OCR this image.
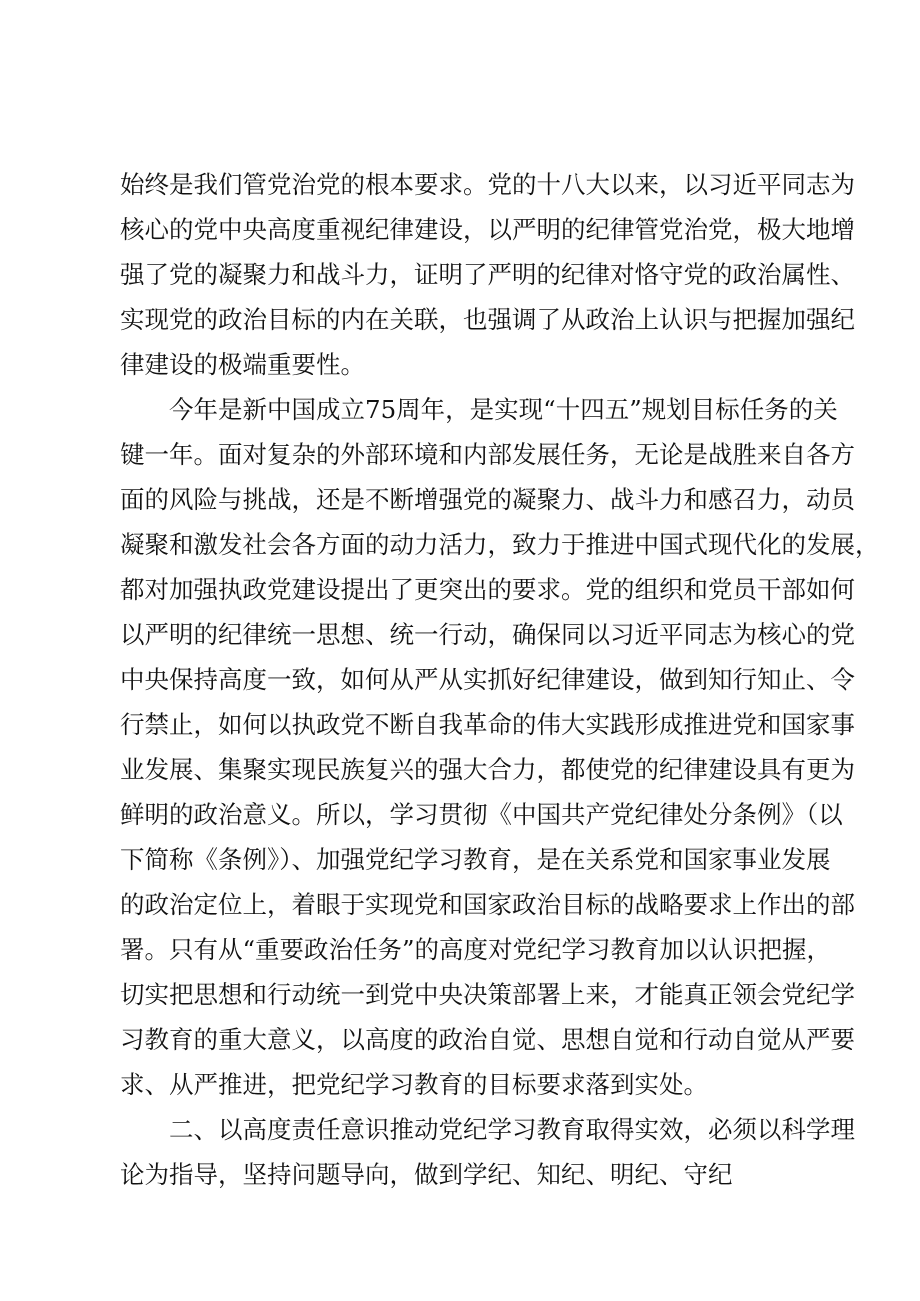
始终是我们管党治党的根本要求。党的十八大以来，以习近平同志为
核心的党中央高度重视纪律建设，以严明的纪律管党治党，极大地增
强了党的凝聚力和战斗力，证明了严明的纪律对恪守党的政治属性、
实现党的政治目标的内在关联，也强调了从政治上认识与把握加强纪
律建设的极端重要性。
　　今年是新中国成立75周年，是实现“十四五”规划目标任务的关
键一年。面对复杂的外部环境和内部发展任务，无论是战胜来自各方
面的风险与挑战，还是不断增强党的凝聚力、战斗力和感召力，动员
凝聚和激发社会各方面的动力活力，致力于推进中国式现代化的发展，
都对加强执政党建设提出了更突出的要求。党的组织和党员干部如何
以严明的纪律统一思想、统一行动，确保同以习近平同志为核心的党
中央保持高度一致，如何从严从实抓好纪律建设，做到知行知止、令
行禁止，如何以执政党不断自我革命的伟大实践形成推进党和国家事
业发展、集聚实现民族复兴的强大合力，都使党的纪律建设具有更为
鲜明的政治意义。所以，学习贯彻《中国共产党纪律处分条例》（以
下简称《条例》）、加强党纪学习教育，是在关系党和国家事业发展
的政治定位上，着眼于实现党和国家政治目标的战略要求上作出的部
署。只有从“重要政治任务”的高度对党纪学习教育加以认识把握，
切实把思想和行动统一到党中央决策部署上来，才能真正领会党纪学
习教育的重大意义，以高度的政治自觉、思想自觉和行动自觉从严要
求、从严推进，把党纪学习教育的目标要求落到实处。
　　二、以高度责任意识推动党纪学习教育取得实效，必须以科学理
论为指导，坚持问题导向，做到学纪、知纪、明纪、守纪
